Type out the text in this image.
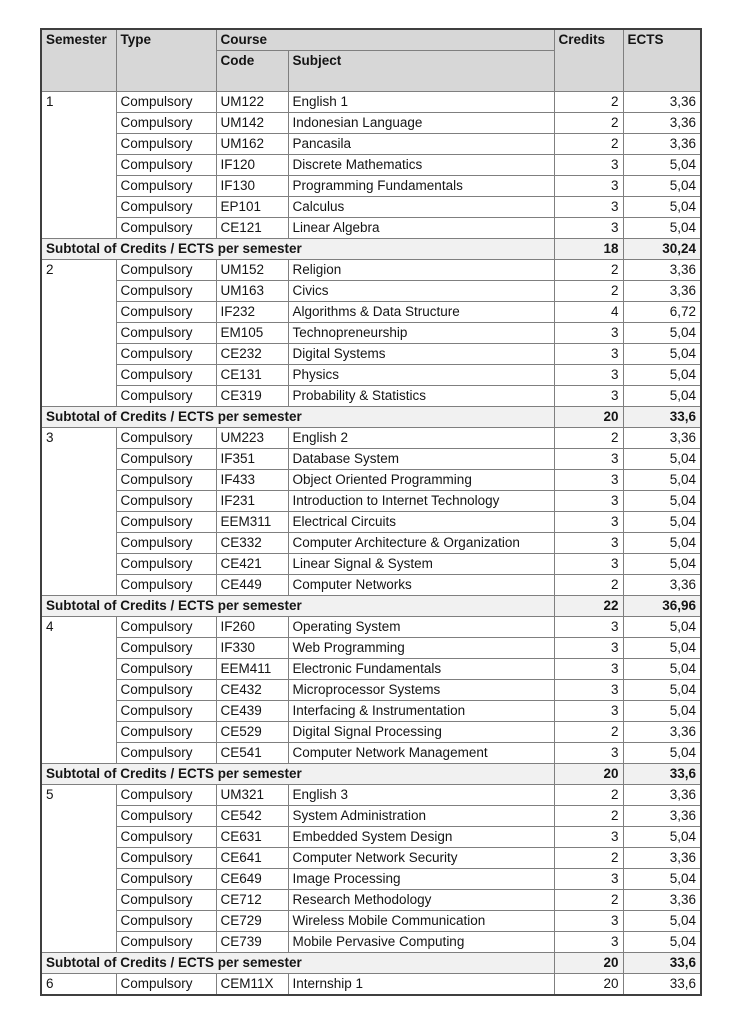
Semester	Type	Course		Credits	ECTS
		Code	Subject		
1	Compulsory	UM122	English 1	2	3,36
	Compulsory	UM142	Indonesian Language	2	3,36
	Compulsory	UM162	Pancasila	2	3,36
	Compulsory	IF120	Discrete Mathematics	3	5,04
	Compulsory	IF130	Programming Fundamentals	3	5,04
	Compulsory	EP101	Calculus	3	5,04
	Compulsory	CE121	Linear Algebra	3	5,04
Subtotal of Credits / ECTS per semester				18	30,24
2	Compulsory	UM152	Religion	2	3,36
	Compulsory	UM163	Civics	2	3,36
	Compulsory	IF232	Algorithms & Data Structure	4	6,72
	Compulsory	EM105	Technopreneurship	3	5,04
	Compulsory	CE232	Digital Systems	3	5,04
	Compulsory	CE131	Physics	3	5,04
	Compulsory	CE319	Probability & Statistics	3	5,04
Subtotal of Credits / ECTS per semester				20	33,6
3	Compulsory	UM223	English 2	2	3,36
	Compulsory	IF351	Database System	3	5,04
	Compulsory	IF433	Object Oriented Programming	3	5,04
	Compulsory	IF231	Introduction to Internet Technology	3	5,04
	Compulsory	EEM311	Electrical Circuits	3	5,04
	Compulsory	CE332	Computer Architecture & Organization	3	5,04
	Compulsory	CE421	Linear Signal & System	3	5,04
	Compulsory	CE449	Computer Networks	2	3,36
Subtotal of Credits / ECTS per semester				22	36,96
4	Compulsory	IF260	Operating System	3	5,04
	Compulsory	IF330	Web Programming	3	5,04
	Compulsory	EEM411	Electronic Fundamentals	3	5,04
	Compulsory	CE432	Microprocessor Systems	3	5,04
	Compulsory	CE439	Interfacing & Instrumentation	3	5,04
	Compulsory	CE529	Digital Signal Processing	2	3,36
	Compulsory	CE541	Computer Network Management	3	5,04
Subtotal of Credits / ECTS per semester				20	33,6
5	Compulsory	UM321	English 3	2	3,36
	Compulsory	CE542	System Administration	2	3,36
	Compulsory	CE631	Embedded System Design	3	5,04
	Compulsory	CE641	Computer Network Security	2	3,36
	Compulsory	CE649	Image Processing	3	5,04
	Compulsory	CE712	Research Methodology	2	3,36
	Compulsory	CE729	Wireless Mobile Communication	3	5,04
	Compulsory	CE739	Mobile Pervasive Computing	3	5,04
Subtotal of Credits / ECTS per semester				20	33,6
6	Compulsory	CEM11X	Internship 1	20	33,6
